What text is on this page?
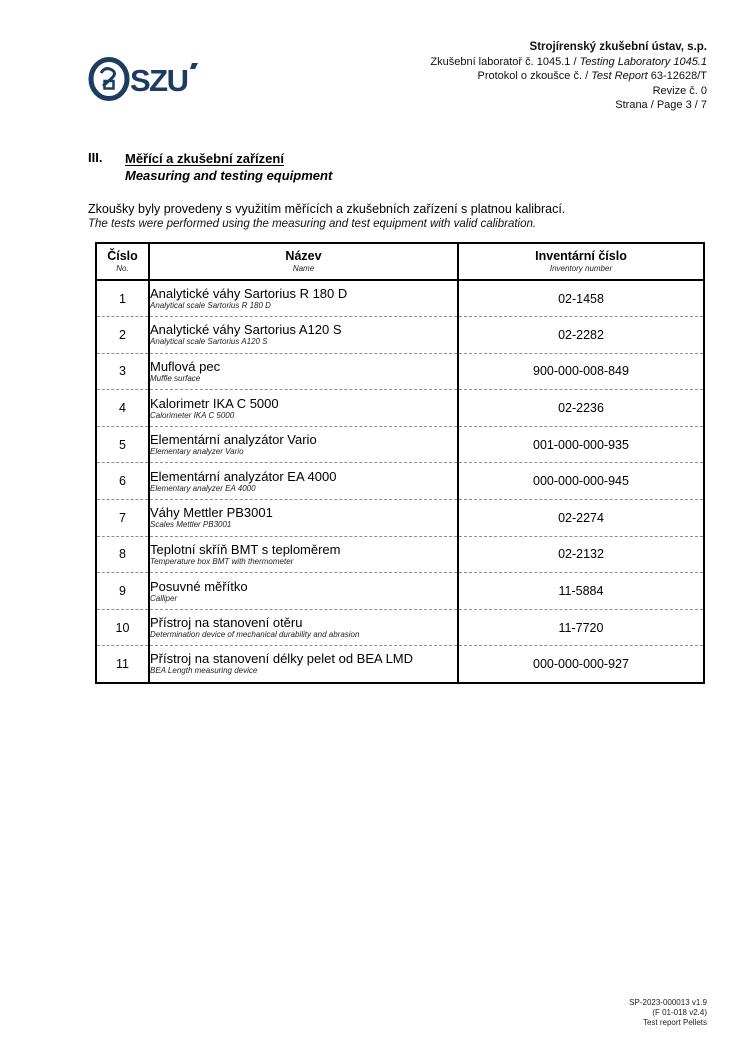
SZU
Strojírenský zkušební ústav, s.p.
Zkušební laboratoř č. 1045.1 / Testing Laboratory 1045.1
Protokol o zkoušce č. / Test Report 63-12628/T
Revize č. 0
Strana / Page 3 / 7
III.	Měřící a zkušební zařízení
Measuring and testing equipment
Zkoušky byly provedeny s využitím měřících a zkušebních zařízení s platnou kalibrací.
The tests were performed using the measuring and test equipment with valid calibration.
Číslo
No.

Název
Name

Inventární číslo
Inventory number

1	Analytické váhy Sartorius R 180 D
Analytical scale Sartorius R 180 D	02-1458
2	Analytické váhy Sartorius A120 S
Analytical scale Sartorius A120 S	02-2282
3	Muflová pec
Muffle surface	900-000-008-849
4	Kalorimetr IKA C 5000
Calorimeter IKA C 5000	02-2236
5	Elementární analyzátor Vario
Elementary analyzer Vario	001-000-000-935
6	Elementární analyzátor EA 4000
Elementary analyzer EA 4000	000-000-000-945
7	Váhy Mettler PB3001
Scales Mettler PB3001	02-2274
8	Teplotní skříň BMT s teploměrem
Temperature box BMT with thermometer	02-2132
9	Posuvné měřítko
Calliper	11-5884
10	Přístroj na stanovení otěru
Determination device of mechanical durability and abrasion	11-7720
11	Přístroj na stanovení délky pelet od BEA LMD
BEA Length measuring device	000-000-000-927
SP-2023-000013 v1.9
(F 01-018 v2.4)
Test report Pellets
